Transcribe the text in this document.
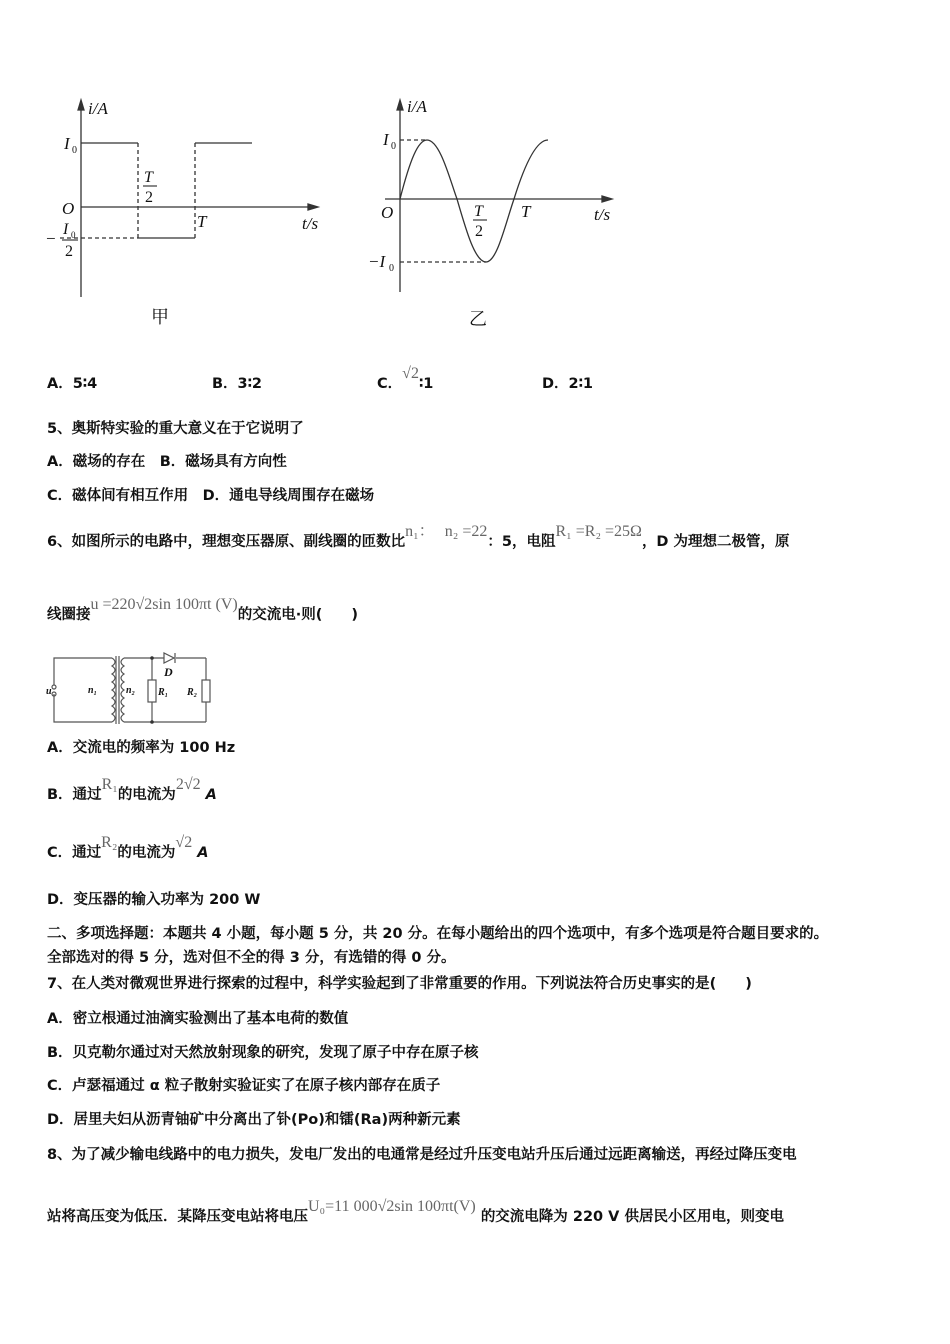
i/A
t/s
I 0
O
T
2
T
− I 0
2
甲
i/A
t/s
I 0
−I 0
O	T
2
T
乙
A．5∶4	B．3∶2	C．√2∶1	D．2∶1
5、奥斯特实验的重大意义在于它说明了
A．磁场的存在　B．磁场具有方向性
C．磁体间有相互作用　D．通电导线周围存在磁场
6、如图所示的电路中，理想变压器原、副线圈的匝数比n₁： n₂ =22：5，电阻R₁ =R₂ =25Ω，D 为理想二极管，原
线圈接u =220√2sin 100πt (V)的交流电·则(　　)
u	n₁	n₂
D
R₁ R₂
A．交流电的频率为 100 Hz
B．通过R₁的电流为2√2 A
C．通过R₂的电流为√2 A
D．变压器的输入功率为 200 W
二、多项选择题：本题共 4 小题，每小题 5 分，共 20 分。在每小题给出的四个选项中，有多个选项是符合题目要求的。
全部选对的得 5 分，选对但不全的得 3 分，有选错的得 0 分。
7、在人类对微观世界进行探索的过程中，科学实验起到了非常重要的作用。下列说法符合历史事实的是(　　)
A．密立根通过油滴实验测出了基本电荷的数值
B．贝克勒尔通过对天然放射现象的研究，发现了原子中存在原子核
C．卢瑟福通过 α 粒子散射实验证实了在原子核内部存在质子
D．居里夫妇从沥青铀矿中分离出了钋(Po)和镭(Ra)两种新元素
8、为了减少输电线路中的电力损失，发电厂发出的电通常是经过升压变电站升压后通过远距离输送，再经过降压变电
站将高压变为低压．某降压变电站将电压U₀=11 000√2sin 100πt(V) 的交流电降为 220 V 供居民小区用电，则变电
